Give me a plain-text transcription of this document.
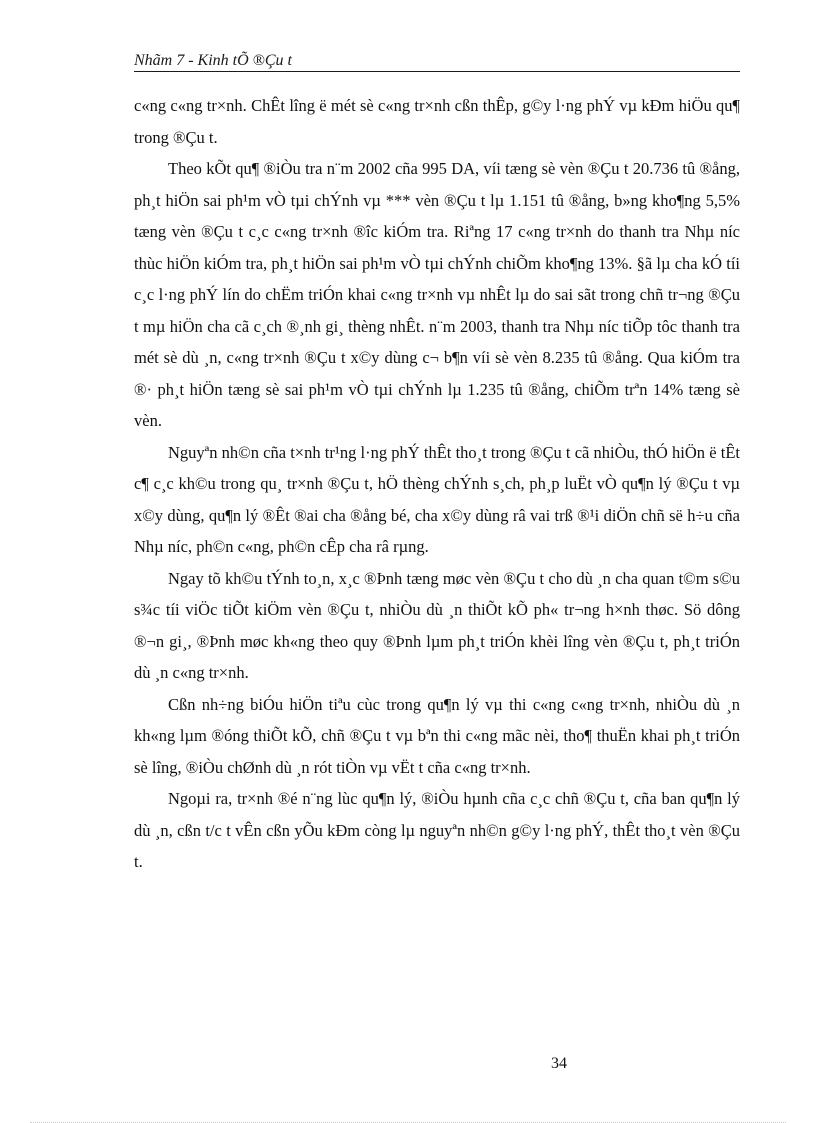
Nhãm 7 - Kinh tÕ ®Çu t

c«ng c«ng tr×nh. ChÊt lîng ë mét sè c«ng tr×nh cßn thÊp, g©y l·ng phÝ vµ kÐm hiÖu qu¶ trong ®Çu t.

Theo kÕt qu¶ ®iÒu tra n¨m 2002 cña 995 DA, víi tæng sè vèn ®Çu t 20.736 tû ®ång, ph¸t hiÖn sai ph¹m vÒ tµi chÝnh vµ *** vèn ®Çu t lµ 1.151 tû ®ång, b»ng kho¶ng 5,5% tæng vèn ®Çu t c¸c c«ng tr×nh ®îc kiÓm tra. Riªng 17 c«ng tr×nh do thanh tra Nhµ níc thùc hiÖn kiÓm tra, ph¸t hiÖn sai ph¹m vÒ tµi chÝnh chiÕm kho¶ng 13%. §ã lµ cha kÓ tíi c¸c l·ng phÝ lín do chËm triÓn khai c«ng tr×nh vµ nhÊt lµ do sai sãt trong chñ tr¬ng ®Çu t mµ hiÖn cha cã c¸ch ®¸nh gi¸ thèng nhÊt. n¨m 2003, thanh tra Nhµ níc tiÕp tôc thanh tra mét sè dù ¸n, c«ng tr×nh ®Çu t x©y dùng c¬ b¶n víi sè vèn 8.235 tû ®ång. Qua kiÓm tra ®· ph¸t hiÖn tæng sè sai ph¹m vÒ tµi chÝnh lµ 1.235 tû ®ång, chiÕm trªn 14% tæng sè vèn.

Nguyªn nh©n cña t×nh tr¹ng l·ng phÝ thÊt tho¸t trong ®Çu t cã nhiÒu, thÓ hiÖn ë tÊt c¶ c¸c kh©u trong qu¸ tr×nh ®Çu t, hÖ thèng chÝnh s¸ch, ph¸p luËt vÒ qu¶n lý ®Çu t vµ x©y dùng, qu¶n lý ®Êt ®ai cha ®ång bé, cha x©y dùng râ vai trß ®¹i diÖn chñ së h÷u cña Nhµ níc, ph©n c«ng, ph©n cÊp cha râ rµng.

Ngay tõ kh©u tÝnh to¸n, x¸c ®Þnh tæng møc vèn ®Çu t cho dù ¸n cha quan t©m s©u s¾c tíi viÖc tiÕt kiÖm vèn ®Çu t, nhiÒu dù ¸n thiÕt kÕ ph« tr¬ng h×nh thøc. Sö dông ®¬n gi¸, ®Þnh møc kh«ng theo quy ®Þnh lµm ph¸t triÓn khèi lîng vèn ®Çu t, ph¸t triÓn dù ¸n c«ng tr×nh.

Cßn nh÷ng biÓu hiÖn tiªu cùc trong qu¶n lý vµ thi c«ng c«ng tr×nh, nhiÒu dù ¸n kh«ng lµm ®óng thiÕt kÕ, chñ ®Çu t vµ bªn thi c«ng mãc nèi, tho¶ thuËn khai ph¸t triÓn sè lîng, ®iÒu chØnh dù ¸n rót tiÒn vµ vËt t cña c«ng tr×nh.

Ngoµi ra, tr×nh ®é n¨ng lùc qu¶n lý, ®iÒu hµnh cña c¸c chñ ®Çu t, cña ban qu¶n lý dù ¸n, cßn t/c t vÊn cßn yÕu kÐm còng lµ nguyªn nh©n g©y l·ng phÝ, thÊt tho¸t vèn ®Çu t.

34
